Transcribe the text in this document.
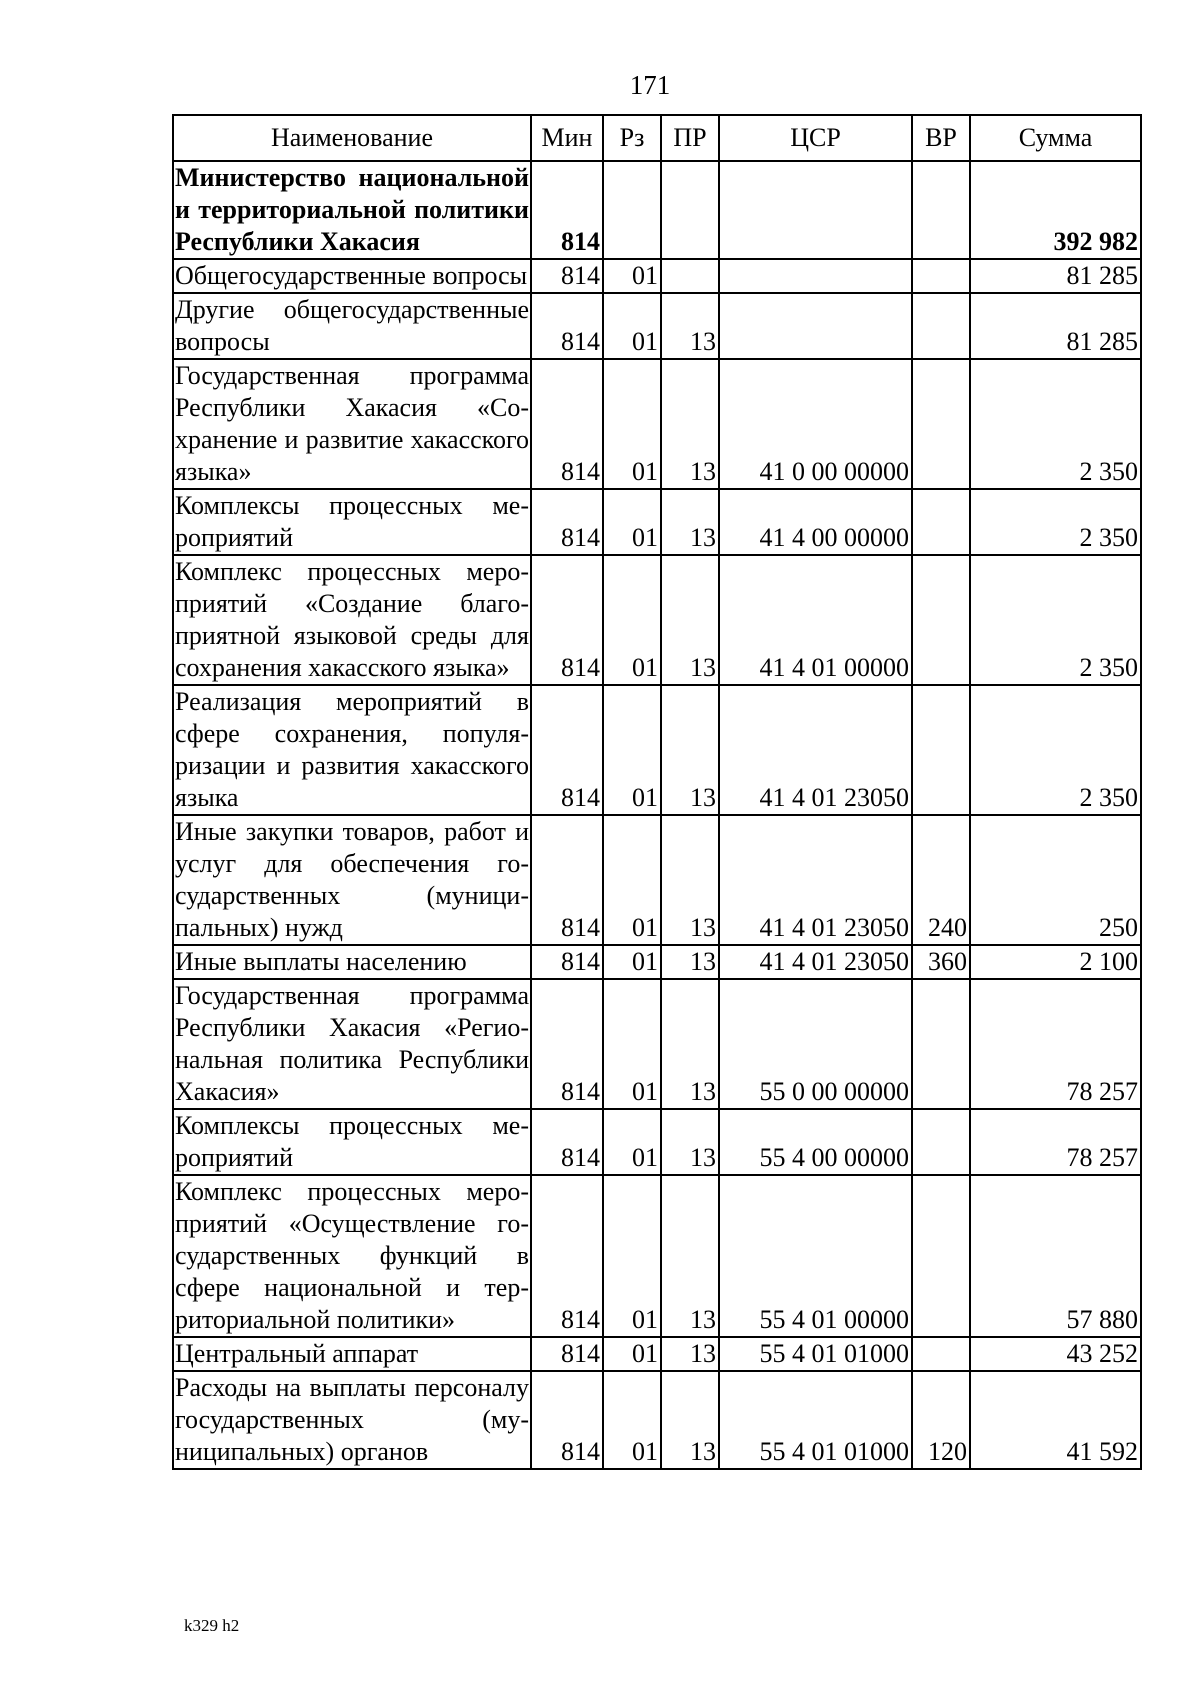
171
Наименование	Мин	Рз	ПР	ЦСР	ВР	Сумма
Министерство национальной и территориальной политики Республики Хакасия	814					392 982
Общегосударственные вопросы	814	01				81 285
Другие общегосударственные вопросы	814	01	13			81 285
Государственная программа Республики Хакасия «Сохранение и развитие хакасского языка»	814	01	13	41 0 00 00000		2 350
Комплексы процессных мероприятий	814	01	13	41 4 00 00000		2 350
Комплекс процессных мероприятий «Создание благоприятной языковой среды для сохранения хакасского языка»	814	01	13	41 4 01 00000		2 350
Реализация мероприятий в сфере сохранения, популяризации и развития хакасского языка	814	01	13	41 4 01 23050		2 350
Иные закупки товаров, работ и услуг для обеспечения государственных (муниципальных) нужд	814	01	13	41 4 01 23050	240	250
Иные выплаты населению	814	01	13	41 4 01 23050	360	2 100
Государственная программа Республики Хакасия «Региональная политика Республики Хакасия»	814	01	13	55 0 00 00000		78 257
Комплексы процессных мероприятий	814	01	13	55 4 00 00000		78 257
Комплекс процессных мероприятий «Осуществление государственных функций в сфере национальной и территориальной политики»	814	01	13	55 4 01 00000		57 880
Центральный аппарат	814	01	13	55 4 01 01000		43 252
Расходы на выплаты персоналу государственных (муниципальных) органов	814	01	13	55 4 01 01000	120	41 592
k329 h2
